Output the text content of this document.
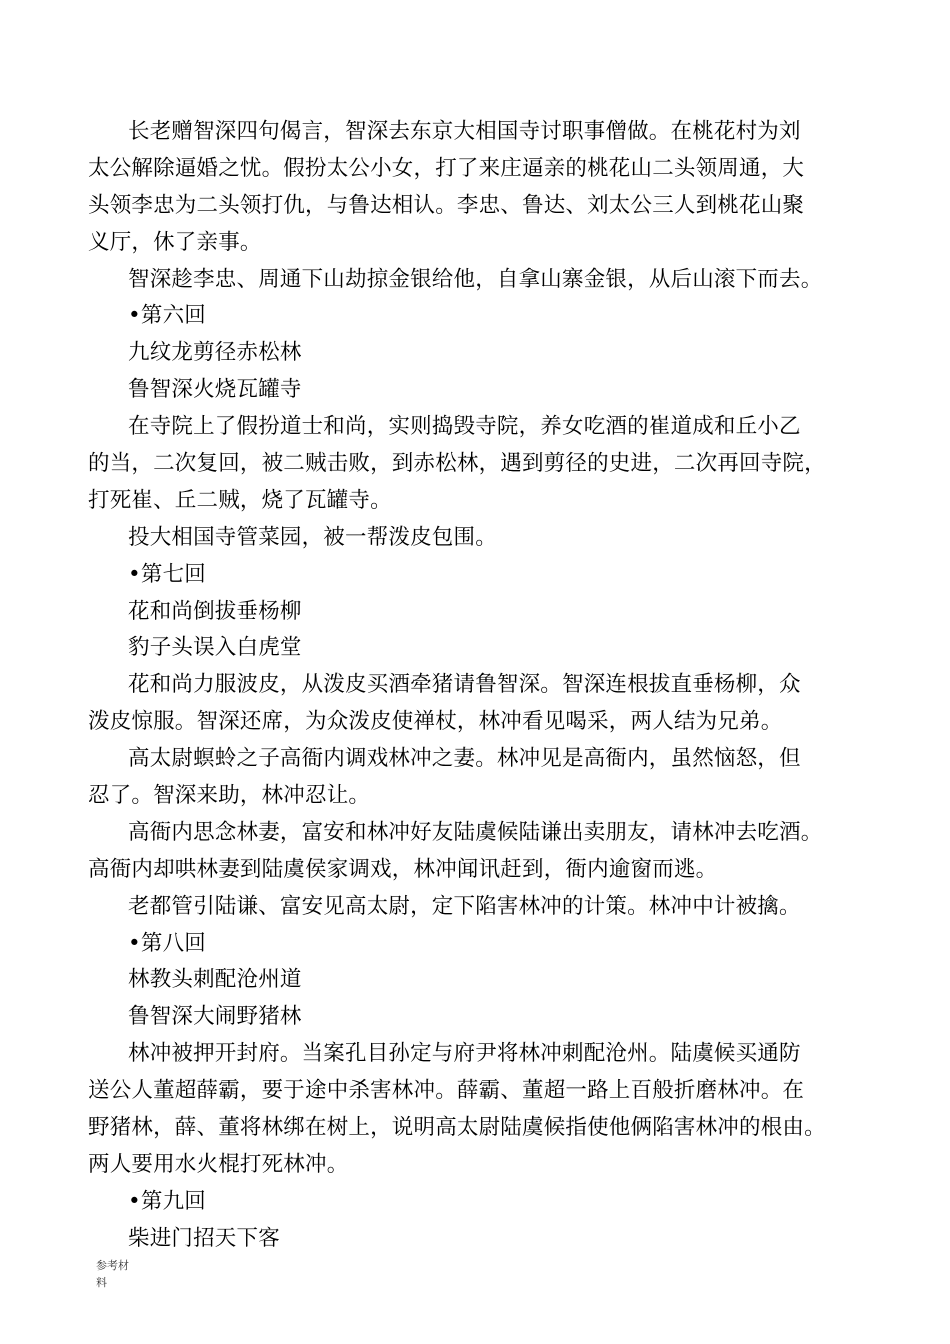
长老赠智深四句偈言，智深去东京大相国寺讨职事僧做。在桃花村为刘
太公解除逼婚之忧。假扮太公小女，打了来庄逼亲的桃花山二头领周通，大
头领李忠为二头领打仇，与鲁达相认。李忠、鲁达、刘太公三人到桃花山聚
义厅，休了亲事。
智深趁李忠、周通下山劫掠金银给他，自拿山寨金银，从后山滚下而去。
•第六回
九纹龙剪径赤松林
鲁智深火烧瓦罐寺
在寺院上了假扮道士和尚，实则捣毁寺院，养女吃酒的崔道成和丘小乙
的当，二次复回，被二贼击败，到赤松林，遇到剪径的史进，二次再回寺院，
打死崔、丘二贼，烧了瓦罐寺。
投大相国寺管菜园，被一帮泼皮包围。
•第七回
花和尚倒拔垂杨柳
豹子头误入白虎堂
花和尚力服波皮，从泼皮买酒牵猪请鲁智深。智深连根拔直垂杨柳，众
泼皮惊服。智深还席，为众泼皮使禅杖，林冲看见喝采，两人结为兄弟。
高太尉螟蛉之子高衙内调戏林冲之妻。林冲见是高衙内，虽然恼怒，但
忍了。智深来助，林冲忍让。
高衙内思念林妻，富安和林冲好友陆虞候陆谦出卖朋友，请林冲去吃酒。
高衙内却哄林妻到陆虞侯家调戏，林冲闻讯赶到，衙内逾窗而逃。
老都管引陆谦、富安见高太尉，定下陷害林冲的计策。林冲中计被擒。
•第八回
林教头刺配沧州道
鲁智深大闹野猪林
林冲被押开封府。当案孔目孙定与府尹将林冲刺配沧州。陆虞候买通防
送公人董超薛霸，要于途中杀害林冲。薛霸、董超一路上百般折磨林冲。在
野猪林，薛、董将林绑在树上，说明高太尉陆虞候指使他俩陷害林冲的根由。
两人要用水火棍打死林冲。
•第九回
柴进门招天下客
参考材
料
